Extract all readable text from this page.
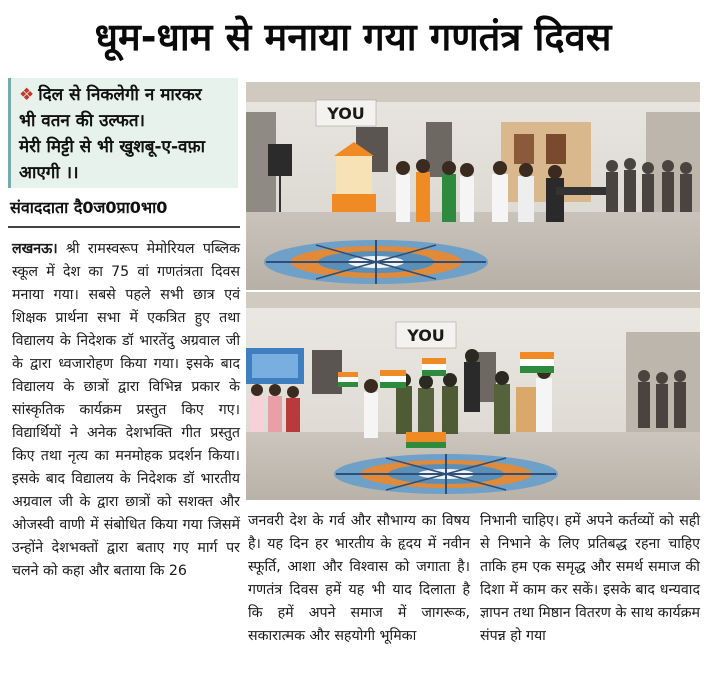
धूम-धाम से मनाया गया गणतंत्र दिवस
❖ दिल से निकलेगी न मारकर
भी वतन की उल्फत।
मेरी मिट्टी से भी खुशबू-ए-वफ़ा
आएगी ।।
संवाददाता दै0ज0प्रा0भा0

लखनऊ। श्री रामस्वरूप मेमोरियल पब्लिक स्कूल में देश का 75 वां गणतंत्रता दिवस मनाया गया। सबसे पहले सभी छात्र एवं शिक्षक प्रार्थना सभा में एकत्रित हुए तथा विद्यालय के निदेशक डॉ भारतेंदु अग्रवाल जी के द्वारा ध्वजारोहण किया गया। इसके बाद विद्यालय के छात्रों द्वारा विभिन्न प्रकार के सांस्कृतिक कार्यक्रम प्रस्तुत किए गए। विद्यार्थियों ने अनेक देशभक्ति गीत प्रस्तुत किए तथा नृत्य का मनमोहक प्रदर्शन किया। इसके बाद विद्यालय के निदेशक डॉ भारतीय अग्रवाल जी के द्वारा छात्रों को सशक्त और ओजस्वी वाणी में संबोधित किया गया जिसमें उन्होंने देशभक्तों द्वारा बताए गए मार्ग पर चलने को कहा और बताया कि 26

जनवरी देश के गर्व और सौभाग्य का विषय है। यह दिन हर भारतीय के हृदय में नवीन स्फूर्ति, आशा और विश्वास को जगाता है। गणतंत्र दिवस हमें यह भी याद दिलाता है कि हमें अपने समाज में जागरूक, सकारात्मक और सहयोगी भूमिका

निभानी चाहिए। हमें अपने कर्तव्यों को सही से निभाने के लिए प्रतिबद्ध रहना चाहिए ताकि हम एक समृद्ध और समर्थ समाज की दिशा में काम कर सकें। इसके बाद धन्यवाद ज्ञापन तथा मिष्ठान वितरण के साथ कार्यक्रम संपन्न हो गया

YOU
YOU
